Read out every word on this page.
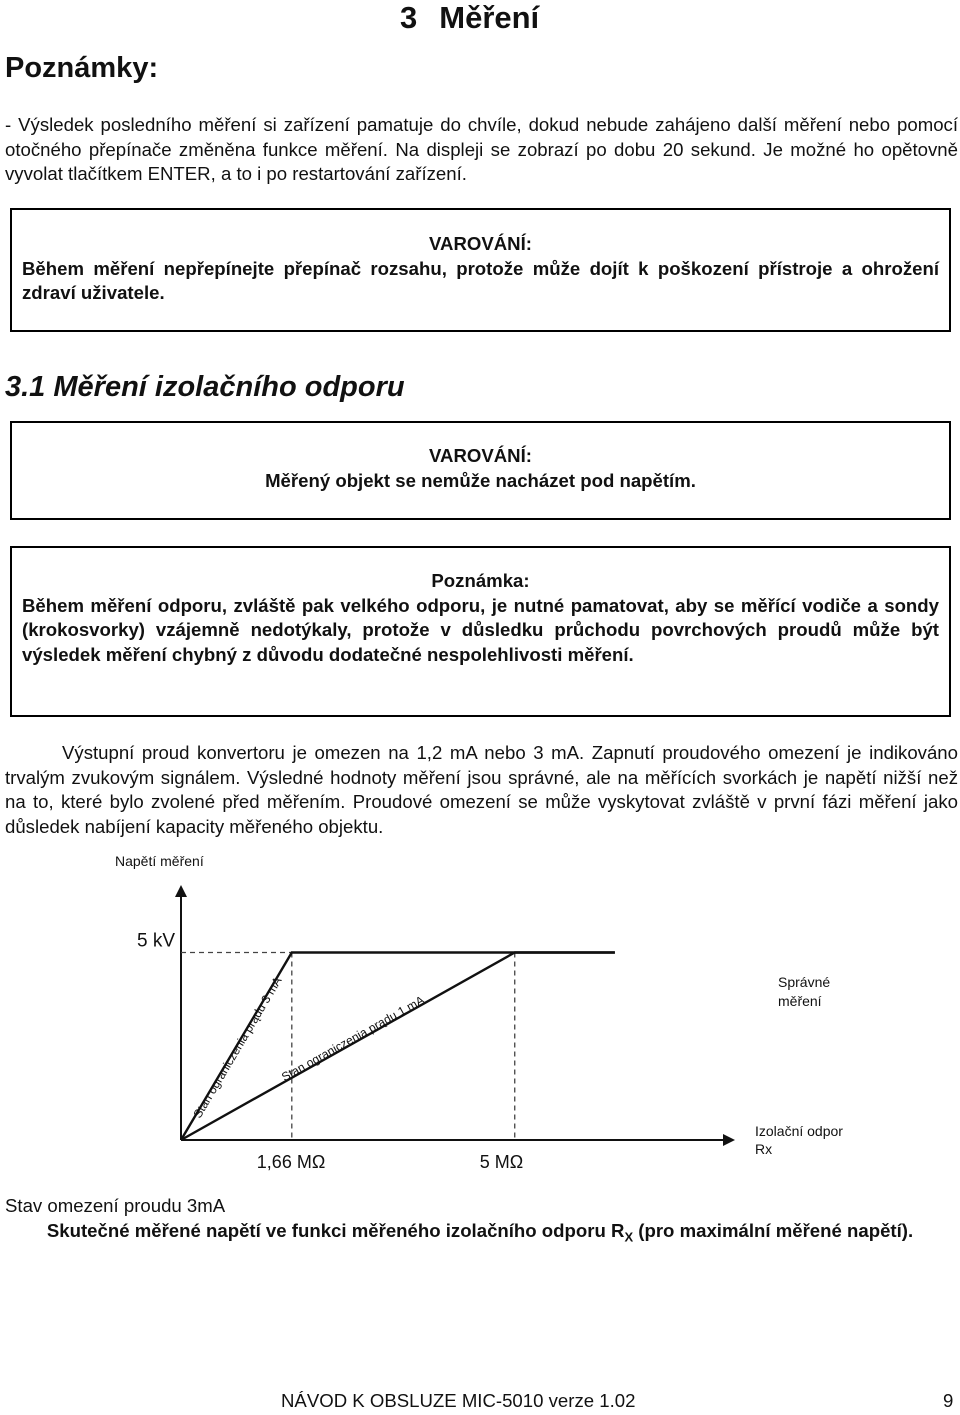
3 Měření
Poznámky:

- Výsledek posledního měření si zařízení pamatuje do chvíle, dokud nebude zahájeno další měření nebo pomocí otočného přepínače změněna funkce měření. Na displeji se zobrazí po dobu 20 sekund. Je možné ho opětovně vyvolat tlačítkem ENTER, a to i po restartování zařízení.

VAROVÁNÍ:
Během měření nepřepínejte přepínač rozsahu, protože může dojít k poškození přístroje a ohrožení zdraví uživatele.
3.1 Měření izolačního odporu
VAROVÁNÍ:
Měřený objekt se nemůže nacházet pod napětím.
Poznámka:
Během měření odporu, zvláště pak velkého odporu, je nutné pamatovat, aby se měřící vodiče a sondy (krokosvorky) vzájemně nedotýkaly, protože v důsledku průchodu povrchových proudů může být výsledek měření chybný z důvodu dodatečné nespolehlivosti měření.

Výstupní proud konvertoru je omezen na 1,2 mA nebo 3 mA. Zapnutí proudového omezení je indikováno trvalým zvukovým signálem. Výsledné hodnoty měření jsou správné, ale na měřících svorkách je napětí nižší než na to, které bylo zvolené před měřením. Proudové omezení se může vyskytovat zvláště v první fázi měření jako důsledek nabíjení kapacity měřeného objektu.

Napětí měření
Izolační odpor
Rx
Správné
měření
5 kV
1,66 MΩ	5 MΩ
Stan ograniczenia prądu 3 mA
Stan ograniczenia prądu 1 mA
Stav omezení proudu 3mA
Skutečné měřené napětí ve funkci měřeného izolačního odporu $R_X$ (pro maximální měřené napětí).
NÁVOD K OBSLUZE MIC-5010 verze 1.02	9
